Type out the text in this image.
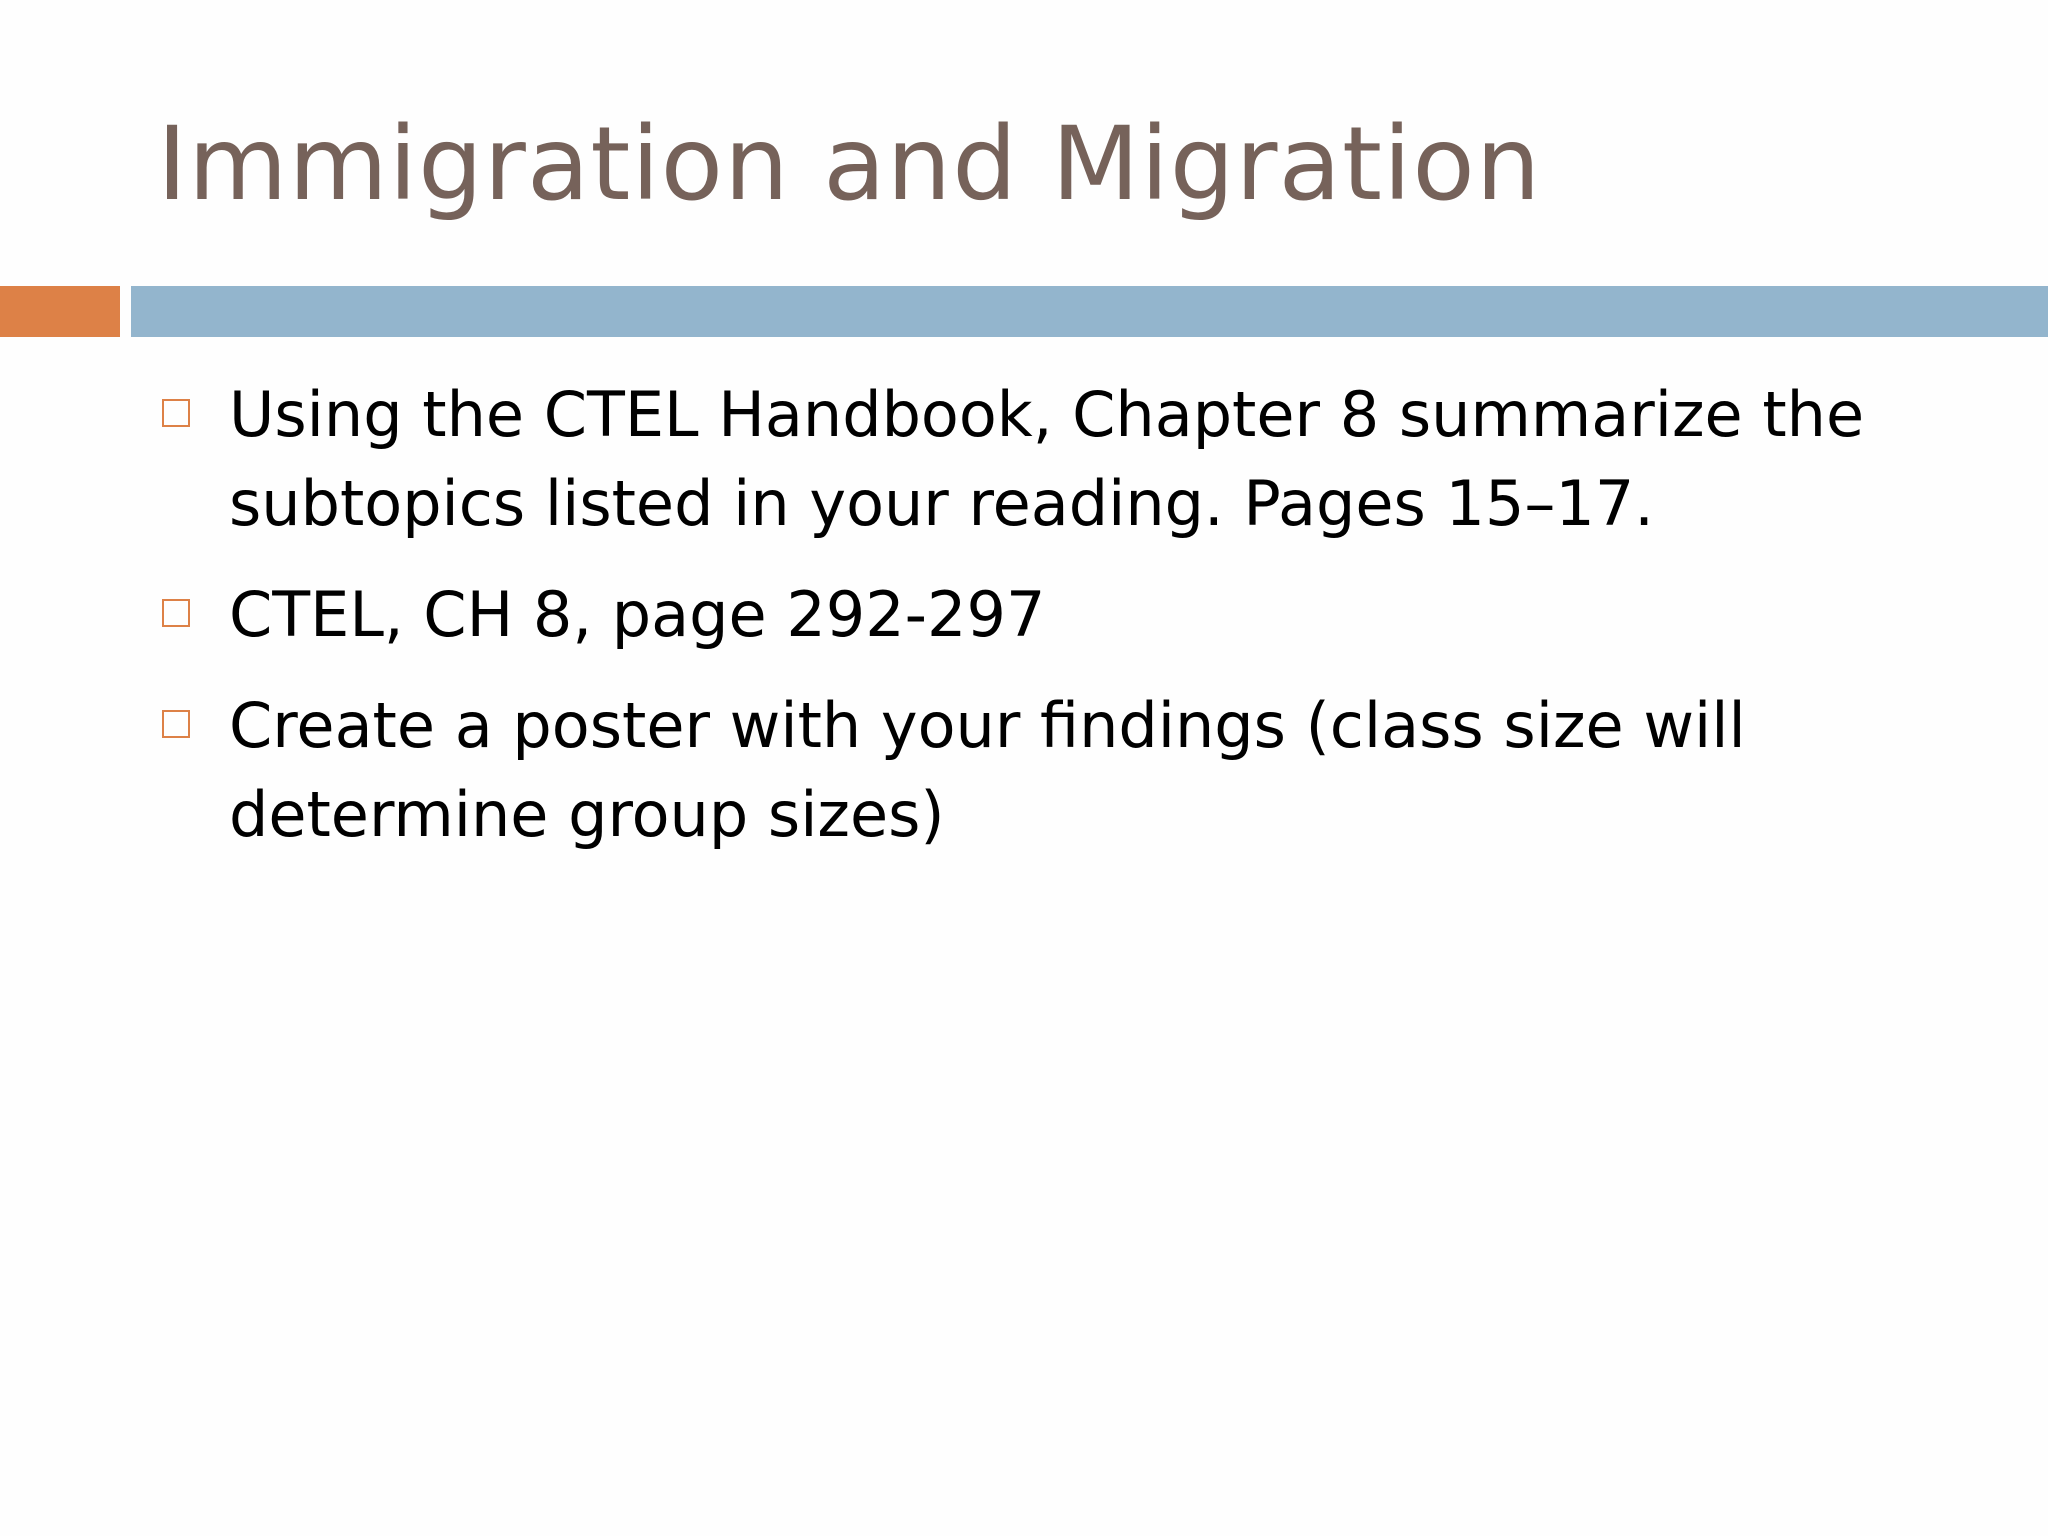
Immigration and Migration
Using the CTEL Handbook, Chapter 8 summarize the
subtopics listed in your reading. Pages 15–17.
CTEL, CH 8, page 292-297
Create a poster with your findings (class size will
determine group sizes)
